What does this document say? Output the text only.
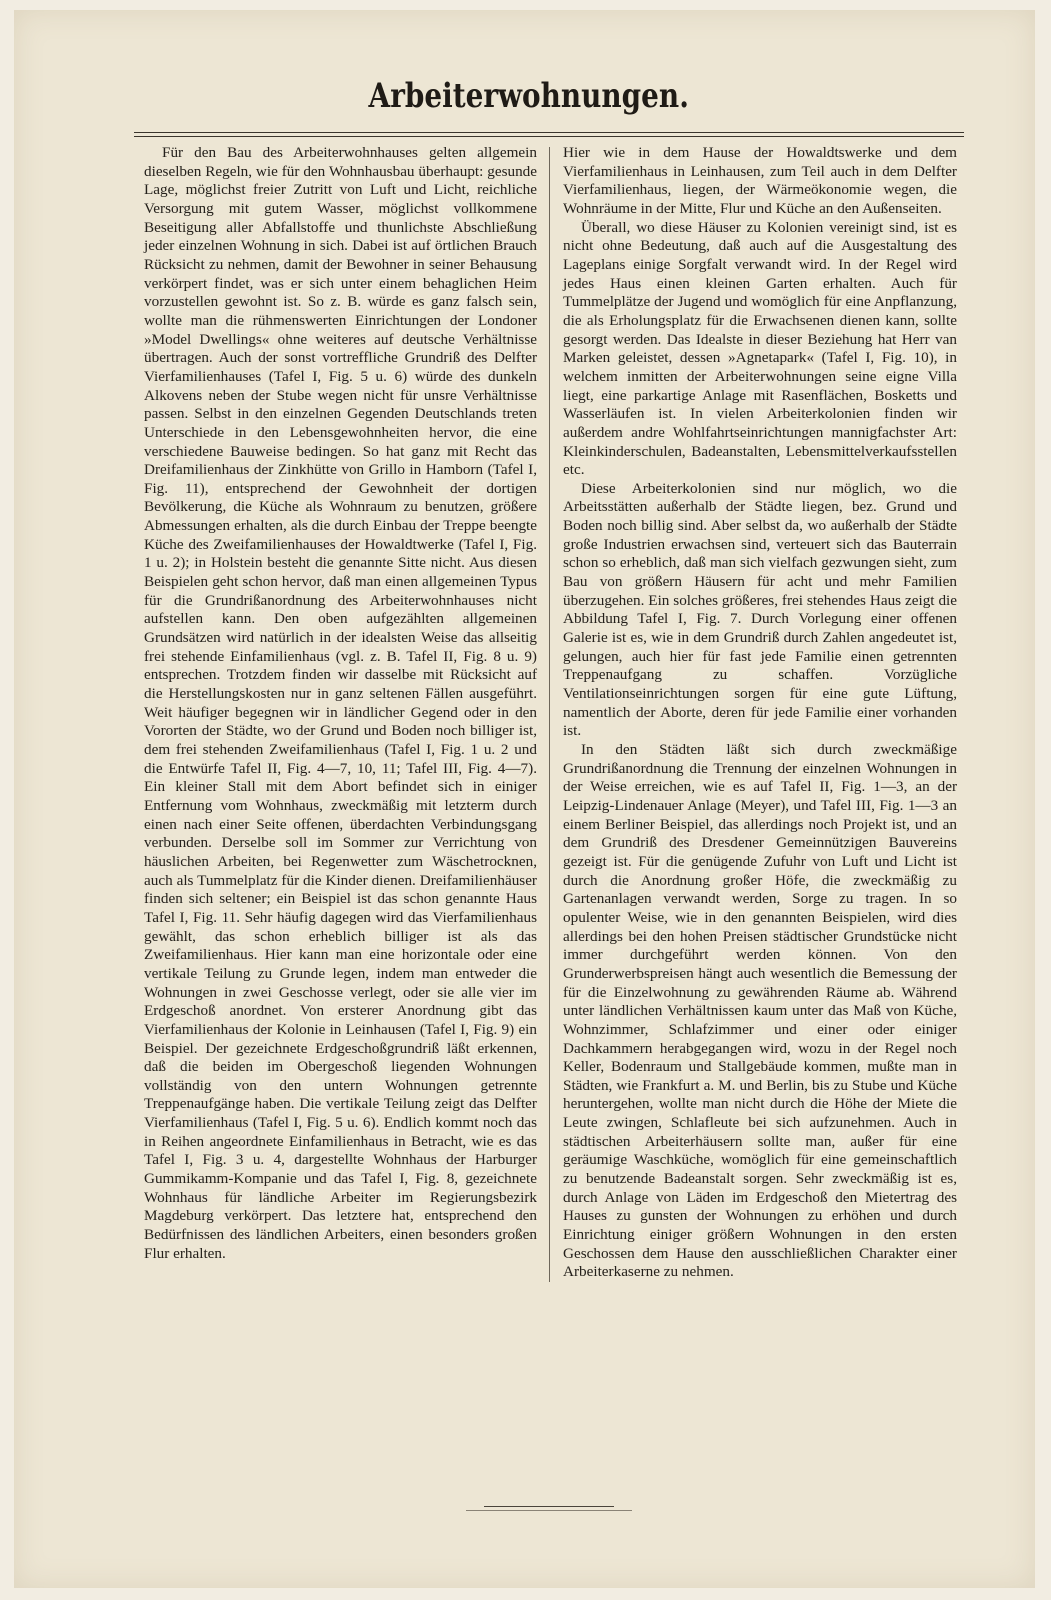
Arbeiterwohnungen.

Für den Bau des Arbeiterwohnhauses gelten allgemein dieselben Regeln, wie für den Wohnhausbau überhaupt: gesunde Lage, möglichst freier Zutritt von Luft und Licht, reichliche Versorgung mit gutem Wasser, möglichst vollkommene Beseitigung aller Abfallstoffe und thunlichste Abschließung jeder einzelnen Wohnung in sich. Dabei ist auf örtlichen Brauch Rücksicht zu nehmen, damit der Bewohner in seiner Behausung verkörpert findet, was er sich unter einem behaglichen Heim vorzustellen gewohnt ist. So z. B. würde es ganz falsch sein, wollte man die rühmenswerten Einrichtungen der Londoner »Model Dwellings« ohne weiteres auf deutsche Verhältnisse übertragen. Auch der sonst vortreffliche Grundriß des Delfter Vierfamilienhauses (Tafel I, Fig. 5 u. 6) würde des dunkeln Alkovens neben der Stube wegen nicht für unsre Verhältnisse passen. Selbst in den einzelnen Gegenden Deutschlands treten Unterschiede in den Lebensgewohnheiten hervor, die eine verschiedene Bauweise bedingen. So hat ganz mit Recht das Dreifamilienhaus der Zinkhütte von Grillo in Hamborn (Tafel I, Fig. 11), entsprechend der Gewohnheit der dortigen Bevölkerung, die Küche als Wohnraum zu benutzen, größere Abmessungen erhalten, als die durch Einbau der Treppe beengte Küche des Zweifamilienhauses der Howaldtwerke (Tafel I, Fig. 1 u. 2); in Holstein besteht die genannte Sitte nicht. Aus diesen Beispielen geht schon hervor, daß man einen allgemeinen Typus für die Grundrißanordnung des Arbeiterwohnhauses nicht aufstellen kann. Den oben aufgezählten allgemeinen Grundsätzen wird natürlich in der idealsten Weise das allseitig frei stehende Einfamilienhaus (vgl. z. B. Tafel II, Fig. 8 u. 9) entsprechen. Trotzdem finden wir dasselbe mit Rücksicht auf die Herstellungskosten nur in ganz seltenen Fällen ausgeführt. Weit häufiger begegnen wir in ländlicher Gegend oder in den Vororten der Städte, wo der Grund und Boden noch billiger ist, dem frei stehenden Zweifamilienhaus (Tafel I, Fig. 1 u. 2 und die Entwürfe Tafel II, Fig. 4—7, 10, 11; Tafel III, Fig. 4—7). Ein kleiner Stall mit dem Abort befindet sich in einiger Entfernung vom Wohnhaus, zweckmäßig mit letzterm durch einen nach einer Seite offenen, überdachten Verbindungsgang verbunden. Derselbe soll im Sommer zur Verrichtung von häuslichen Arbeiten, bei Regenwetter zum Wäschetrocknen, auch als Tummelplatz für die Kinder dienen. Dreifamilienhäuser finden sich seltener; ein Beispiel ist das schon genannte Haus Tafel I, Fig. 11. Sehr häufig dagegen wird das Vierfamilienhaus gewählt, das schon erheblich billiger ist als das Zweifamilienhaus. Hier kann man eine horizontale oder eine vertikale Teilung zu Grunde legen, indem man entweder die Wohnungen in zwei Geschosse verlegt, oder sie alle vier im Erdgeschoß anordnet. Von ersterer Anordnung gibt das Vierfamilienhaus der Kolonie in Leinhausen (Tafel I, Fig. 9) ein Beispiel. Der gezeichnete Erdgeschoßgrundriß läßt erkennen, daß die beiden im Obergeschoß liegenden Wohnungen vollständig von den untern Wohnungen getrennte Treppenaufgänge haben. Die vertikale Teilung zeigt das Delfter Vierfamilienhaus (Tafel I, Fig. 5 u. 6). Endlich kommt noch das in Reihen angeordnete Einfamilienhaus in Betracht, wie es das Tafel I, Fig. 3 u. 4, dargestellte Wohnhaus der Harburger Gummikamm-Kompanie und das Tafel I, Fig. 8, gezeichnete Wohnhaus für ländliche Arbeiter im Regierungsbezirk Magdeburg verkörpert. Das letztere hat, entsprechend den Bedürfnissen des ländlichen Arbeiters, einen besonders großen Flur erhalten.

Hier wie in dem Hause der Howaldtswerke und dem Vierfamilienhaus in Leinhausen, zum Teil auch in dem Delfter Vierfamilienhaus, liegen, der Wärmeökonomie wegen, die Wohnräume in der Mitte, Flur und Küche an den Außenseiten.

Überall, wo diese Häuser zu Kolonien vereinigt sind, ist es nicht ohne Bedeutung, daß auch auf die Ausgestaltung des Lageplans einige Sorgfalt verwandt wird. In der Regel wird jedes Haus einen kleinen Garten erhalten. Auch für Tummelplätze der Jugend und womöglich für eine Anpflanzung, die als Erholungsplatz für die Erwachsenen dienen kann, sollte gesorgt werden. Das Idealste in dieser Beziehung hat Herr van Marken geleistet, dessen »Agnetapark« (Tafel I, Fig. 10), in welchem inmitten der Arbeiterwohnungen seine eigne Villa liegt, eine parkartige Anlage mit Rasenflächen, Bosketts und Wasserläufen ist. In vielen Arbeiterkolonien finden wir außerdem andre Wohlfahrtseinrichtungen mannigfachster Art: Kleinkinderschulen, Badeanstalten, Lebensmittelverkaufsstellen etc.

Diese Arbeiterkolonien sind nur möglich, wo die Arbeitsstätten außerhalb der Städte liegen, bez. Grund und Boden noch billig sind. Aber selbst da, wo außerhalb der Städte große Industrien erwachsen sind, verteuert sich das Bauterrain schon so erheblich, daß man sich vielfach gezwungen sieht, zum Bau von größern Häusern für acht und mehr Familien überzugehen. Ein solches größeres, frei stehendes Haus zeigt die Abbildung Tafel I, Fig. 7. Durch Vorlegung einer offenen Galerie ist es, wie in dem Grundriß durch Zahlen angedeutet ist, gelungen, auch hier für fast jede Familie einen getrennten Treppenaufgang zu schaffen. Vorzügliche Ventilationseinrichtungen sorgen für eine gute Lüftung, namentlich der Aborte, deren für jede Familie einer vorhanden ist.

In den Städten läßt sich durch zweckmäßige Grundrißanordnung die Trennung der einzelnen Wohnungen in der Weise erreichen, wie es auf Tafel II, Fig. 1—3, an der Leipzig-Lindenauer Anlage (Meyer), und Tafel III, Fig. 1—3 an einem Berliner Beispiel, das allerdings noch Projekt ist, und an dem Grundriß des Dresdener Gemeinnützigen Bauvereins gezeigt ist. Für die genügende Zufuhr von Luft und Licht ist durch die Anordnung großer Höfe, die zweckmäßig zu Gartenanlagen verwandt werden, Sorge zu tragen. In so opulenter Weise, wie in den genannten Beispielen, wird dies allerdings bei den hohen Preisen städtischer Grundstücke nicht immer durchgeführt werden können. Von den Grunderwerbspreisen hängt auch wesentlich die Bemessung der für die Einzelwohnung zu gewährenden Räume ab. Während unter ländlichen Verhältnissen kaum unter das Maß von Küche, Wohnzimmer, Schlafzimmer und einer oder einiger Dachkammern herabgegangen wird, wozu in der Regel noch Keller, Bodenraum und Stallgebäude kommen, mußte man in Städten, wie Frankfurt a. M. und Berlin, bis zu Stube und Küche heruntergehen, wollte man nicht durch die Höhe der Miete die Leute zwingen, Schlafleute bei sich aufzunehmen. Auch in städtischen Arbeiterhäusern sollte man, außer für eine geräumige Waschküche, womöglich für eine gemeinschaftlich zu benutzende Badeanstalt sorgen. Sehr zweckmäßig ist es, durch Anlage von Läden im Erdgeschoß den Mietertrag des Hauses zu gunsten der Wohnungen zu erhöhen und durch Einrichtung einiger größern Wohnungen in den ersten Geschossen dem Hause den ausschließlichen Charakter einer Arbeiterkaserne zu nehmen.
